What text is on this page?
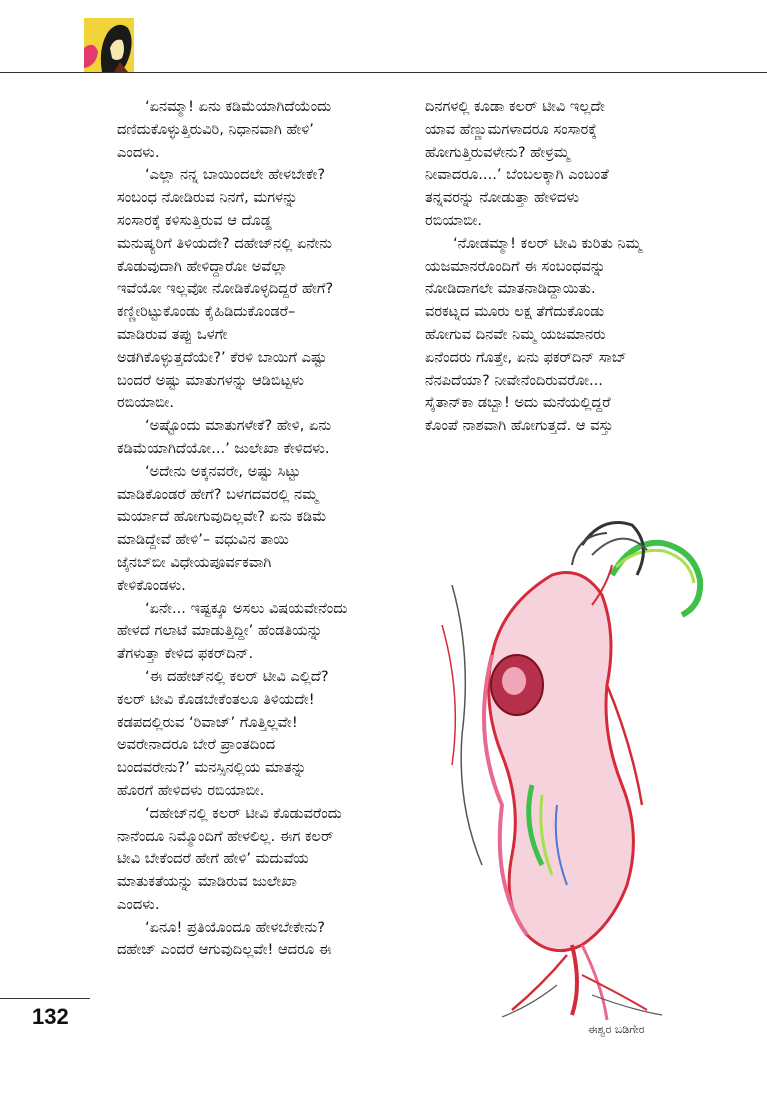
‘ಏನಮ್ಮಾ! ಏನು ಕಡಿಮೆಯಾಗಿದೆಯೆಂದು

ದಣಿದುಕೊಳ್ಳುತ್ತಿರುವಿರಿ, ನಿಧಾನವಾಗಿ ಹೇಳಿ’

ಎಂದಳು.

‘ಎಲ್ಲಾ ನನ್ನ ಬಾಯಿಂದಲೇ ಹೇಳಬೇಕೇ?

ಸಂಬಂಧ ನೋಡಿರುವ ನಿನಗೆ, ಮಗಳನ್ನು

ಸಂಸಾರಕ್ಕೆ ಕಳಿಸುತ್ತಿರುವ ಆ ದೊಡ್ಡ

ಮನುಷ್ಯರಿಗೆ ತಿಳಿಯದೇ? ದಹೇಜ್‌ನಲ್ಲಿ ಏನೇನು

ಕೊಡುವುದಾಗಿ ಹೇಳಿದ್ದಾರೋ ಅವೆಲ್ಲಾ

ಇವೆಯೋ ಇಲ್ಲವೋ ನೋಡಿಕೊಳ್ಳದಿದ್ದರೆ ಹೇಗೆ?

ಕಣ್ಣೀರಿಟ್ಟುಕೊಂಡು ಕೈಹಿಡಿದುಕೊಂಡರೆ–

ಮಾಡಿರುವ ತಪ್ಪು ಒಳಗೇ

ಅಡಗಿಕೊಳ್ಳುತ್ತದೆಯೇ?’ ಕೆರಳಿ ಬಾಯಿಗೆ ಎಷ್ಟು

ಬಂದರೆ ಅಷ್ಟು ಮಾತುಗಳನ್ನು ಆಡಿಬಿಟ್ಟಳು

ರಬಿಯಾಬೀ.

‘ಅಷ್ಟೊಂದು ಮಾತುಗಳೇಕೆ? ಹೇಳಿ, ಏನು

ಕಡಿಮೆಯಾಗಿದೆಯೋ...’ ಜುಲೇಖಾ ಕೇಳಿದಳು.

‘ಅದೇನು ಅಕ್ಕನವರೇ, ಅಷ್ಟು ಸಿಟ್ಟು

ಮಾಡಿಕೊಂಡರೆ ಹೇಗೆ? ಬಳಗದವರಲ್ಲಿ ನಮ್ಮ

ಮರ್ಯಾದೆ ಹೋಗುವುದಿಲ್ಲವೇ? ಏನು ಕಡಿಮೆ

ಮಾಡಿದ್ದೇವೆ ಹೇಳಿ’– ವಧುವಿನ ತಾಯಿ

ಜೈನಬ್‌ಬೀ ವಿಧೇಯಪೂರ್ವಕವಾಗಿ

ಕೇಳಿಕೊಂಡಳು.

‘ಏನೇ... ಇಷ್ಟಕ್ಕೂ ಅಸಲು ವಿಷಯವೇನೆಂದು

ಹೇಳದೆ ಗಲಾಟೆ ಮಾಡುತ್ತಿದ್ದೀ’ ಹೆಂಡತಿಯನ್ನು

ತೆಗಳುತ್ತಾ ಕೇಳಿದ ಫಕರ್‌ದಿನ್.

‘ಈ ದಹೇಜ್‌ನಲ್ಲಿ ಕಲರ್ ಟೀವಿ ಎಲ್ಲಿದೆ?

ಕಲರ್ ಟೀವಿ ಕೊಡಬೇಕೆಂತಲೂ ತಿಳಿಯದೇ!

ಕಡಪದಲ್ಲಿರುವ ‘ರಿವಾಜ್’ ಗೊತ್ತಿಲ್ಲವೇ!

ಅವರೇನಾದರೂ ಬೇರೆ ಪ್ರಾಂತದಿಂದ

ಬಂದವರೇನು?’ ಮನಸ್ಸಿನಲ್ಲಿಯ ಮಾತನ್ನು

ಹೊರಗೆ ಹೇಳಿದಳು ರಬಿಯಾಬೀ.

‘ದಹೇಜ್‌ನಲ್ಲಿ ಕಲರ್ ಟೀವಿ ಕೊಡುವರೆಂದು

ನಾನೆಂದೂ ನಿಮ್ಮೊಂದಿಗೆ ಹೇಳಲಿಲ್ಲ. ಈಗ ಕಲರ್

ಟೀವಿ ಬೇಕೆಂದರೆ ಹೇಗೆ ಹೇಳಿ’ ಮದುವೆಯ

ಮಾತುಕತೆಯನ್ನು ಮಾಡಿರುವ ಜುಲೇಖಾ

ಎಂದಳು.

‘ಏನೂ! ಪ್ರತಿಯೊಂದೂ ಹೇಳಬೇಕೇನು?

ದಹೇಜ್ ಎಂದರೆ ಆಗುವುದಿಲ್ಲವೇ! ಆದರೂ ಈ

ದಿನಗಳಲ್ಲಿ ಕೂಡಾ ಕಲರ್ ಟೀವಿ ಇಲ್ಲದೇ

ಯಾವ ಹೆಣ್ಣುಮಗಳಾದರೂ ಸಂಸಾರಕ್ಕೆ

ಹೋಗುತ್ತಿರುವಳೇನು? ಹೇಳ್ರಮ್ಮ

ನೀವಾದರೂ....’ ಬೆಂಬಲಕ್ಕಾಗಿ ಎಂಬಂತೆ

ತನ್ನವರನ್ನು ನೋಡುತ್ತಾ ಹೇಳಿದಳು

ರಬಿಯಾಬೀ.

‘ನೋಡಮ್ಮಾ! ಕಲರ್ ಟೀವಿ ಕುರಿತು ನಿಮ್ಮ

ಯಜಮಾನರೊಂದಿಗೆ ಈ ಸಂಬಂಧವನ್ನು

ನೋಡಿದಾಗಲೇ ಮಾತನಾಡಿದ್ದಾಯಿತು.

ವರಕಟ್ನದ ಮೂರು ಲಕ್ಷ ತೆಗೆದುಕೊಂಡು

ಹೋಗುವ ದಿನವೇ ನಿಮ್ಮ ಯಜಮಾನರು

ಏನೆಂದರು ಗೊತ್ತೇ, ಏನು ಫಕರ್‌ದಿನ್ ಸಾಬ್

ನೆನಪಿದೆಯಾ? ನೀವೇನೆಂದಿರುವರೋ...

ಸೈತಾನ್‌ಕಾ ಡಬ್ಬಾ! ಅದು ಮನೆಯಲ್ಲಿದ್ದರೆ

ಕೊಂಪೆ ನಾಶವಾಗಿ ಹೋಗುತ್ತದೆ. ಆ ವಸ್ತು

ಈಶ್ವರ ಬಡಿಗೇರ
132
